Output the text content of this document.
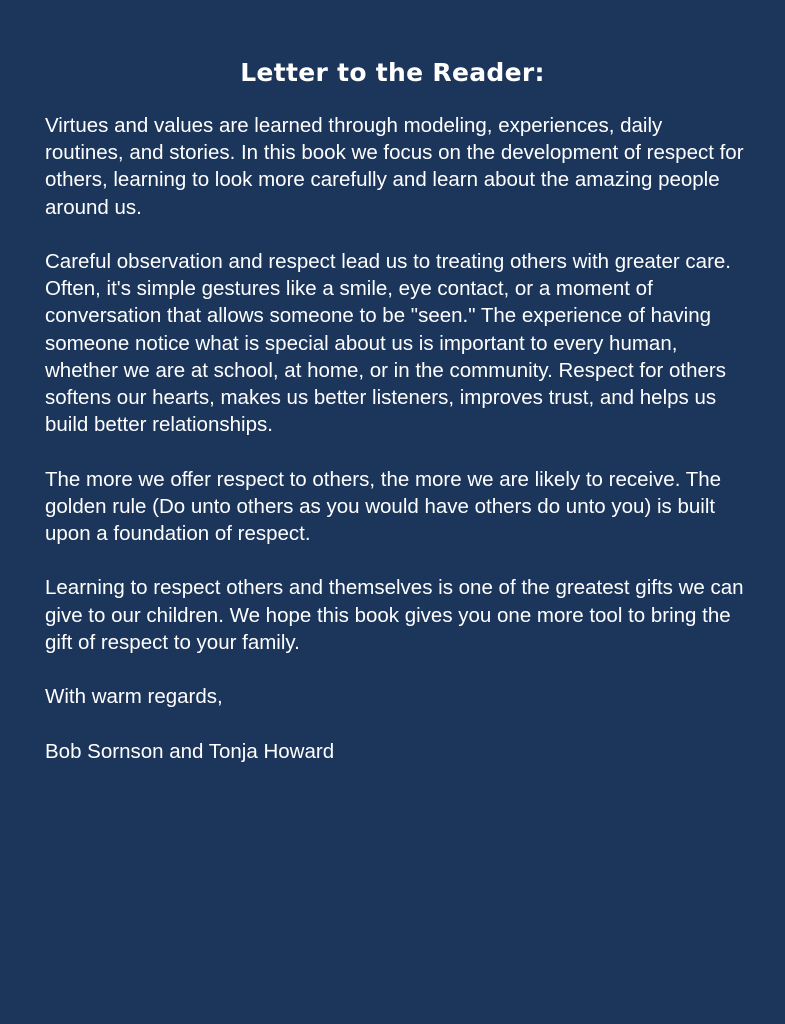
Letter to the Reader:

Virtues and values are learned through modeling, experiences, daily routines, and stories. In this book we focus on the development of respect for others, learning to look more carefully and learn about the amazing people around us.

Careful observation and respect lead us to treating others with greater care. Often, it's simple gestures like a smile, eye contact, or a moment of conversation that allows someone to be "seen." The experience of having someone notice what is special about us is important to every human, whether we are at school, at home, or in the community. Respect for others softens our hearts, makes us better listeners, improves trust, and helps us build better relationships.

The more we offer respect to others, the more we are likely to receive. The golden rule (Do unto others as you would have others do unto you) is built upon a foundation of respect.

Learning to respect others and themselves is one of the greatest gifts we can give to our children. We hope this book gives you one more tool to bring the gift of respect to your family.

With warm regards,

Bob Sornson and Tonja Howard
